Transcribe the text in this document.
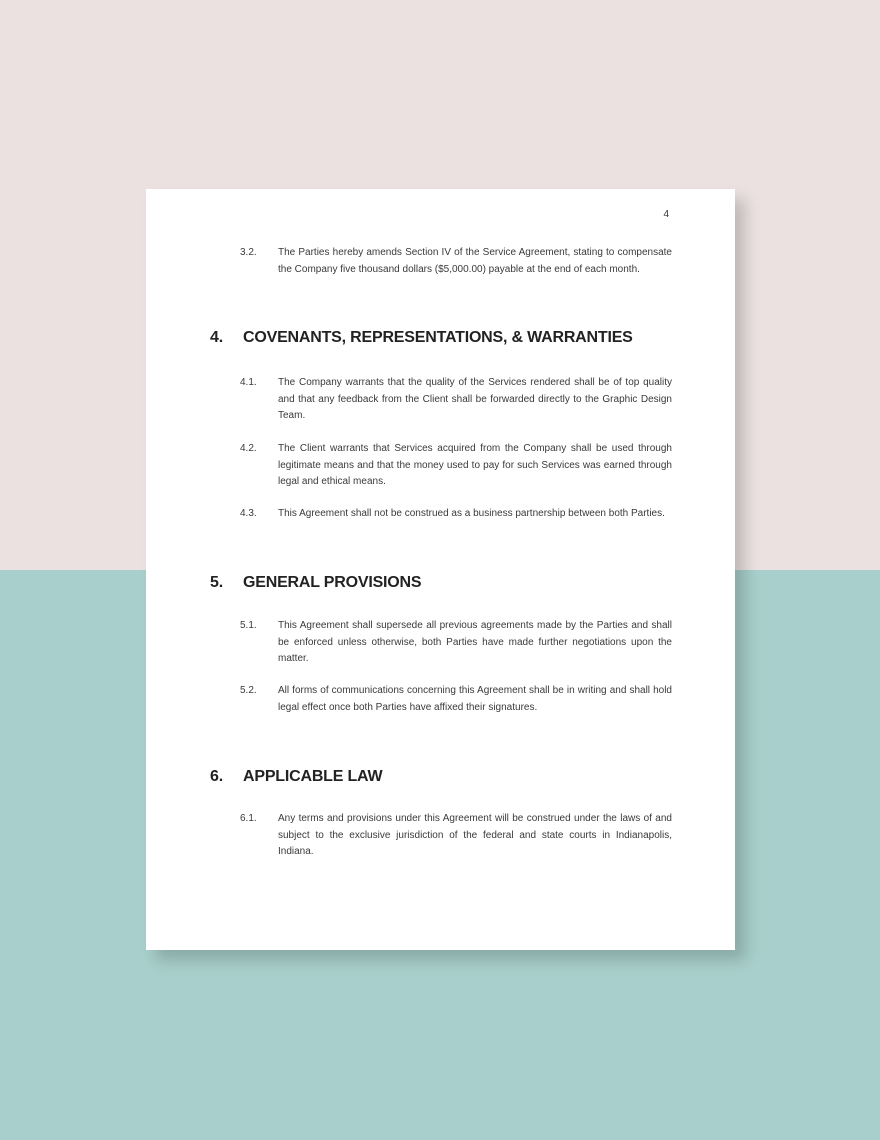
4
3.2.	The Parties hereby amends Section IV of the Service Agreement, stating to compensate the Company five thousand dollars ($5,000.00) payable at the end of each month.
4.	COVENANTS, REPRESENTATIONS, & WARRANTIES
4.1.	The Company warrants that the quality of the Services rendered shall be of top quality and that any feedback from the Client shall be forwarded directly to the Graphic Design Team.
4.2.	The Client warrants that Services acquired from the Company shall be used through legitimate means and that the money used to pay for such Services was earned through legal and ethical means.
4.3.	This Agreement shall not be construed as a business partnership between both Parties.
5.	GENERAL PROVISIONS
5.1.	This Agreement shall supersede all previous agreements made by the Parties and shall be enforced unless otherwise, both Parties have made further negotiations upon the matter.
5.2.	All forms of communications concerning this Agreement shall be in writing and shall hold legal effect once both Parties have affixed their signatures.
6.	APPLICABLE LAW
6.1.	Any terms and provisions under this Agreement will be construed under the laws of and subject to the exclusive jurisdiction of the federal and state courts in Indianapolis, Indiana.
